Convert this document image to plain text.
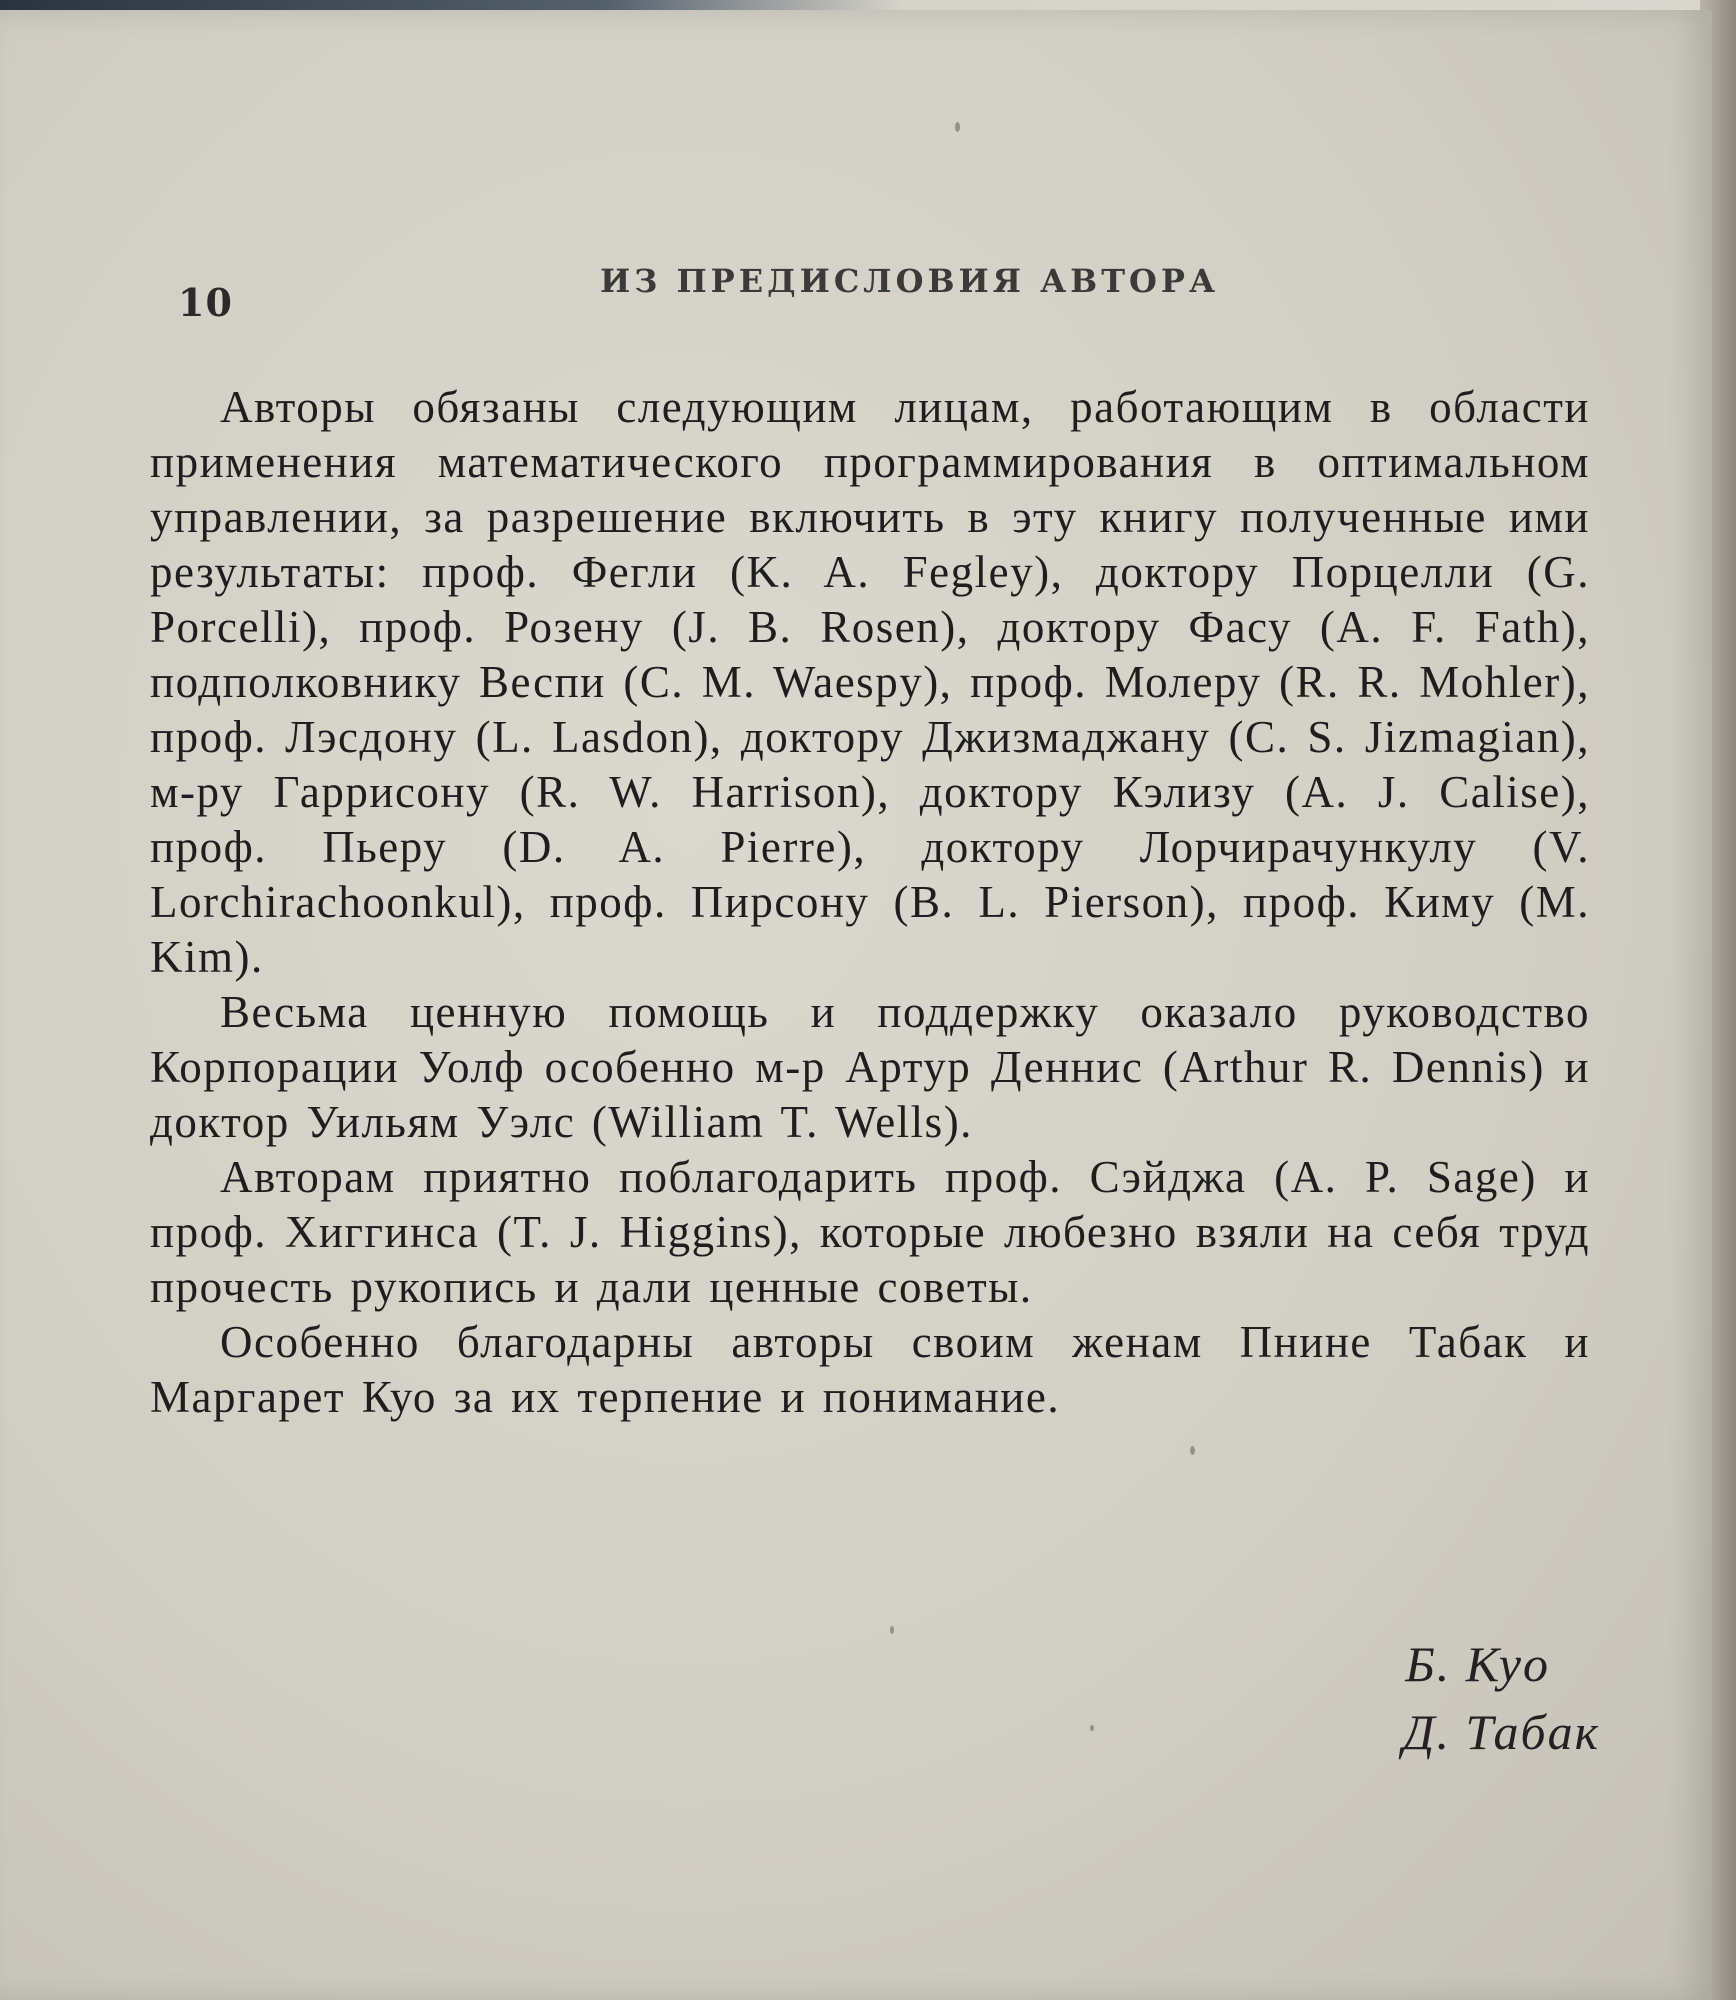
10	ИЗ ПРЕДИСЛОВИЯ АВТОРА

Авторы обязаны следующим лицам, работающим в области применения математического программирования в оптимальном управлении, за разрешение включить в эту книгу полученные ими результаты: проф. Фегли (K. A. Fegley), доктору Порцелли (G. Porcelli), проф. Розену (J. B. Rosen), доктору Фасу (A. F. Fath), подполковнику Веспи (C. M. Waespy), проф. Молеру (R. R. Mohler), проф. Лэсдону (L. Lasdon), доктору Джизмаджану (C. S. Jizmagian), м-ру Гаррисону (R. W. Harrison), доктору Кэлизу (A. J. Calise), проф. Пьеру (D. A. Pierre), доктору Лорчирачункулу (V. Lorchirachoonkul), проф. Пирсону (B. L. Pierson), проф. Киму (M. Kim).

Весьма ценную помощь и поддержку оказало руководство Корпорации Уолф особенно м-р Артур Деннис (Arthur R. Dennis) и доктор Уильям Уэлс (William T. Wells).

Авторам приятно поблагодарить проф. Сэйджа (A. P. Sage) и проф. Хиггинса (T. J. Higgins), которые любезно взяли на себя труд прочесть рукопись и дали ценные советы.

Особенно благодарны авторы своим женам Пнине Табак и Маргарет Куо за их терпение и понимание.

Б. Куо
Д. Табак
